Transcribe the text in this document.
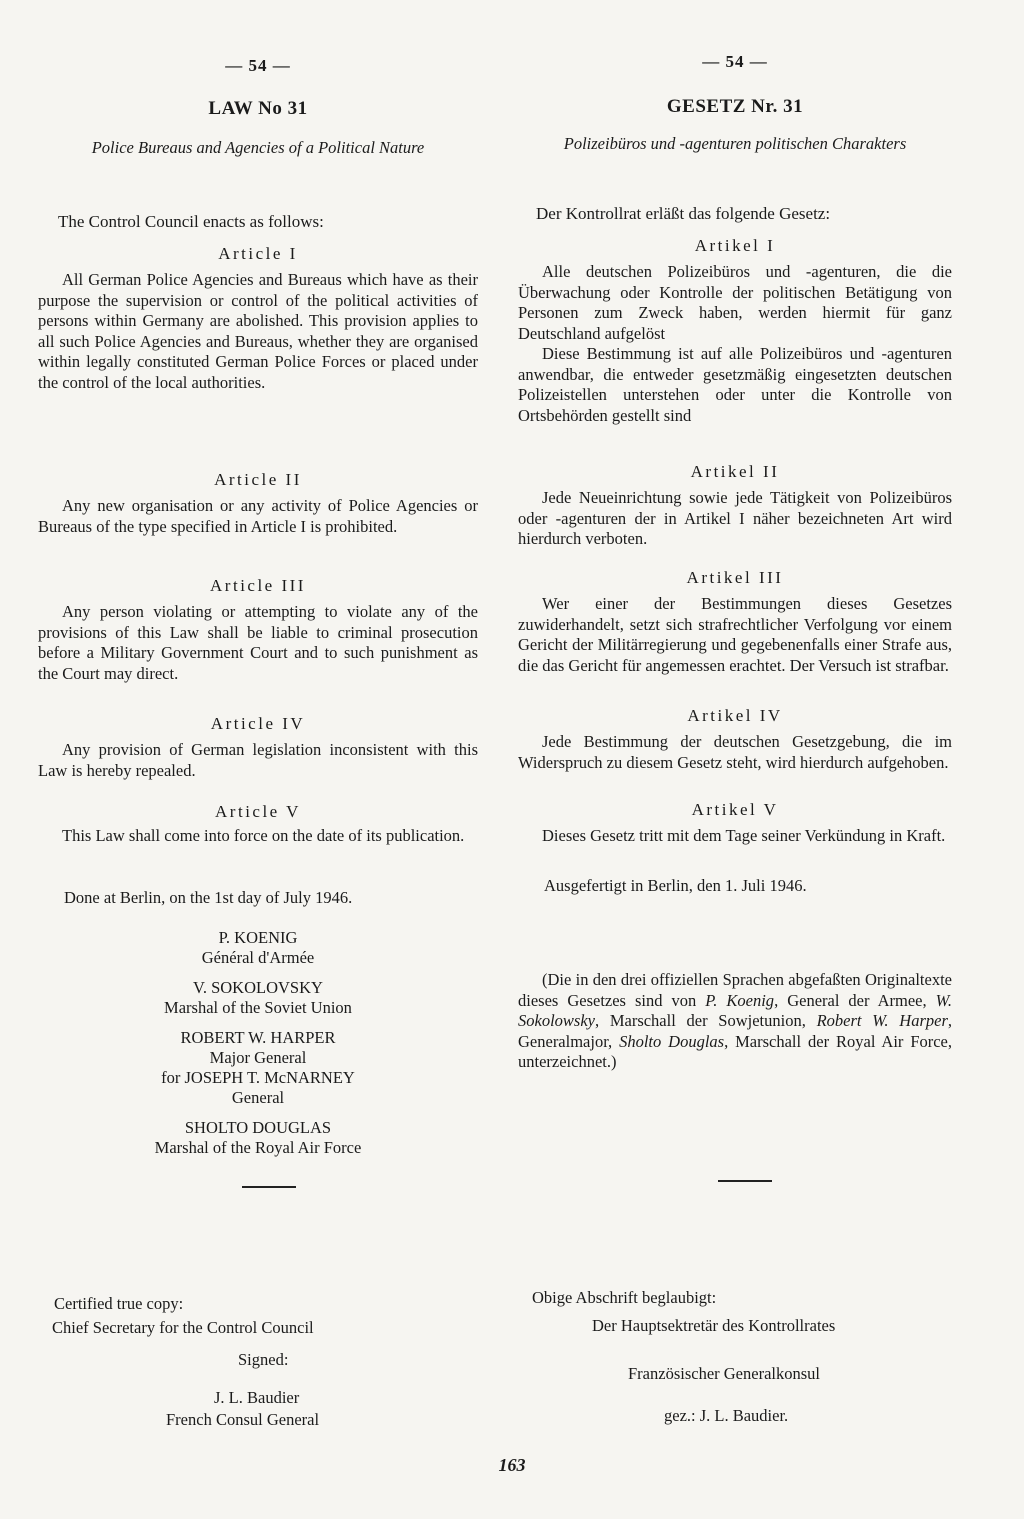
— 54 —
LAW No 31
Police Bureaus and Agencies of a Political Nature
The Control Council enacts as follows:
Article I

All German Police Agencies and Bureaus which have as their purpose the supervision or control of the political activities of persons within Germany are abolished. This provision applies to all such Police Agencies and Bureaus, whether they are organised within legally constituted German Police Forces or placed under the control of the local authorities.

Article II

Any new organisation or any activity of Police Agencies or Bureaus of the type specified in Article I is prohibited.

Article III

Any person violating or attempting to violate any of the provisions of this Law shall be liable to criminal prosecution before a Military Government Court and to such punishment as the Court may direct.

Article IV

Any provision of German legislation inconsistent with this Law is hereby repealed.

Article V

This Law shall come into force on the date of its publication.

Done at Berlin, on the 1st day of July 1946.
P. KOENIG
Général d'Armée
V. SOKOLOVSKY
Marshal of the Soviet Union
ROBERT W. HARPER
Major General
for JOSEPH T. McNARNEY
General
SHOLTO DOUGLAS
Marshal of the Royal Air Force
Certified true copy:
Chief Secretary for the Control Council
Signed:
J. L. Baudier
French Consul General
— 54 —
GESETZ Nr. 31
Polizeibüros und -agenturen politischen Charakters
Der Kontrollrat erläßt das folgende Gesetz:
Artikel I

Alle deutschen Polizeibüros und -agenturen, die die Überwachung oder Kontrolle der politischen Betätigung von Personen zum Zweck haben, werden hiermit für ganz Deutschland aufgelöst

Diese Bestimmung ist auf alle Polizeibüros und -agenturen anwendbar, die entweder gesetzmäßig eingesetzten deutschen Polizeistellen unterstehen oder unter die Kontrolle von Ortsbehörden gestellt sind

Artikel II

Jede Neueinrichtung sowie jede Tätigkeit von Polizeibüros oder -agenturen der in Artikel I näher bezeichneten Art wird hierdurch verboten.

Artikel III

Wer einer der Bestimmungen dieses Gesetzes zuwiderhandelt, setzt sich strafrechtlicher Verfolgung vor einem Gericht der Militärregierung und gegebenenfalls einer Strafe aus, die das Gericht für angemessen erachtet. Der Versuch ist strafbar.

Artikel IV

Jede Bestimmung der deutschen Gesetzgebung, die im Widerspruch zu diesem Gesetz steht, wird hierdurch aufgehoben.

Artikel V

Dieses Gesetz tritt mit dem Tage seiner Verkündung in Kraft.

Ausgefertigt in Berlin, den 1. Juli 1946.

(Die in den drei offiziellen Sprachen abgefaßten Originaltexte dieses Gesetzes sind von P. Koenig, General der Armee, W. Sokolowsky, Marschall der Sowjetunion, Robert W. Harper, Generalmajor, Sholto Douglas, Marschall der Royal Air Force, unterzeichnet.)

Obige Abschrift beglaubigt:
Der Hauptsektretär des Kontrollrates
Französischer Generalkonsul
gez.: J. L. Baudier.
163
